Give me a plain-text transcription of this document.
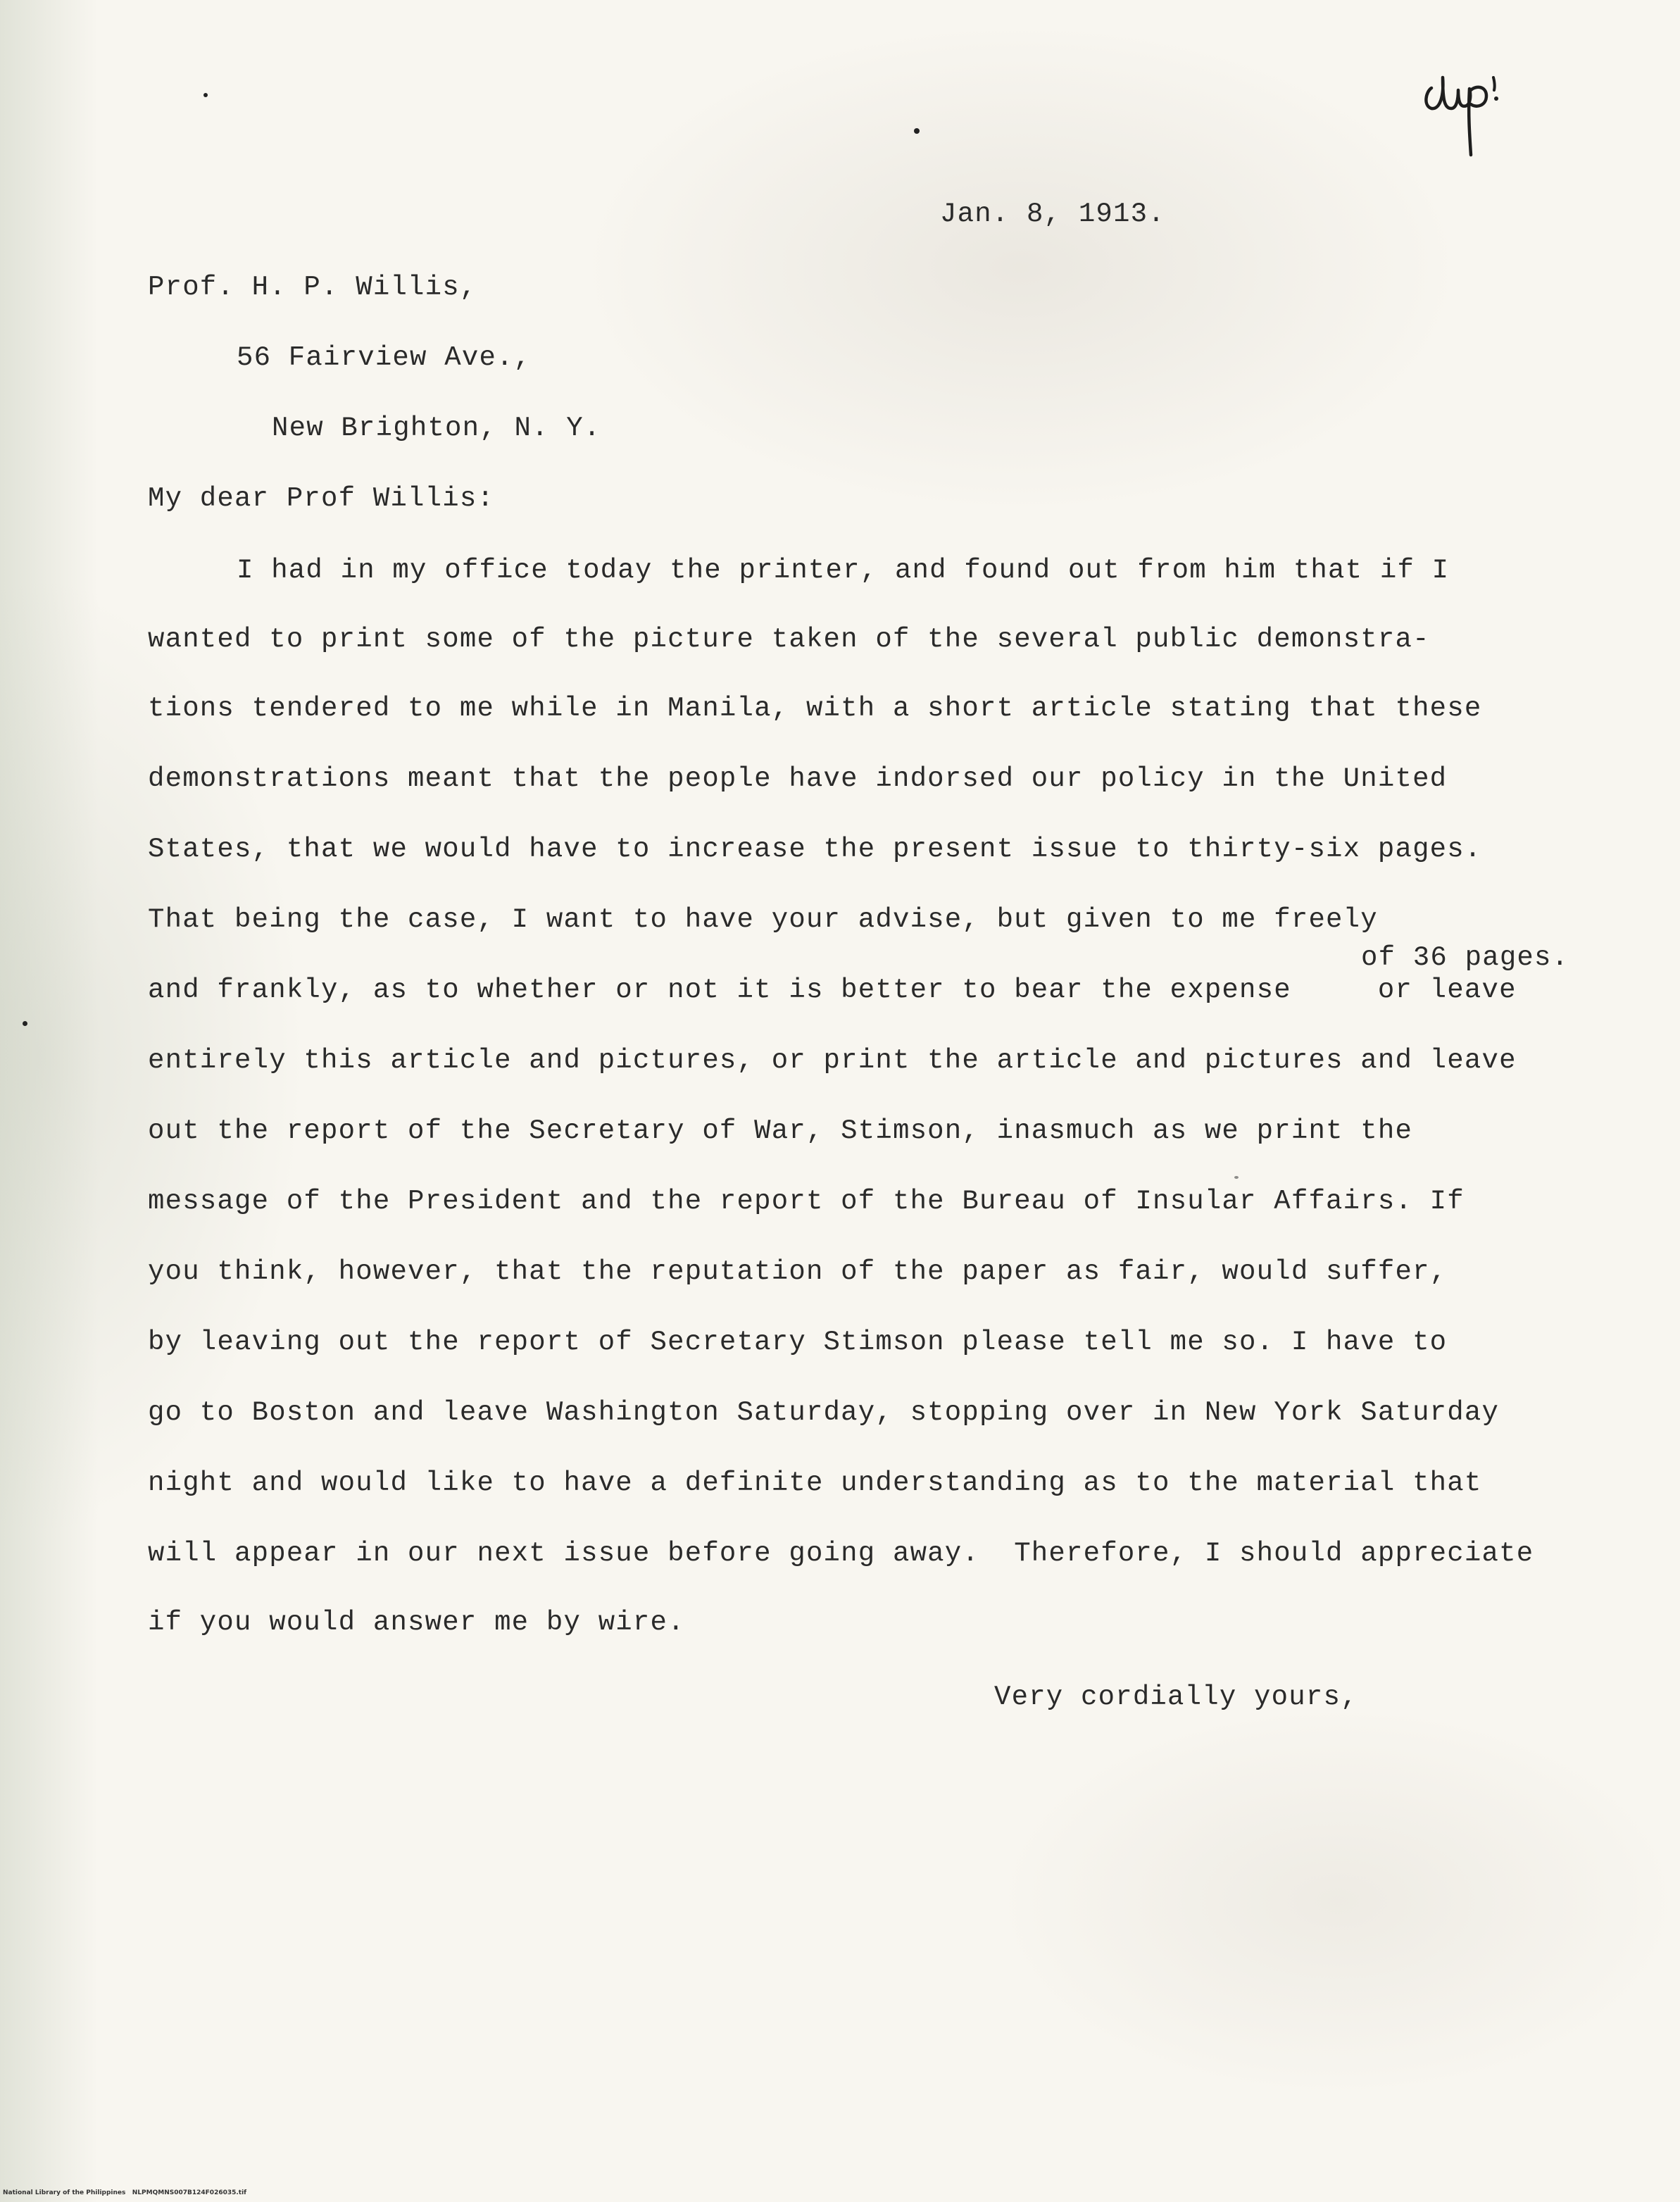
Jan. 8, 1913.
Prof. H. P. Willis,
56 Fairview Ave.,
New Brighton, N. Y.
My dear Prof Willis:
I had in my office today the printer, and found out from him that if I
wanted to print some of the picture taken of the several public demonstra-
tions tendered to me while in Manila, with a short article stating that these
demonstrations meant that the people have indorsed our policy in the United
States, that we would have to increase the present issue to thirty-six pages.
That being the case, I want to have your advise, but given to me freely
of 36 pages.
and frankly, as to whether or not it is better to bear the expense     or leave
entirely this article and pictures, or print the article and pictures and leave
out the report of the Secretary of War, Stimson, inasmuch as we print the
message of the President and the report of the Bureau of Insular Affairs. If
you think, however, that the reputation of the paper as fair, would suffer,
by leaving out the report of Secretary Stimson please tell me so. I have to
go to Boston and leave Washington Saturday, stopping over in New York Saturday
night and would like to have a definite understanding as to the material that
will appear in our next issue before going away.  Therefore, I should appreciate
if you would answer me by wire.
Very cordially yours,
National Library of the Philippines NLPMQMNS007B124F026035.tif
